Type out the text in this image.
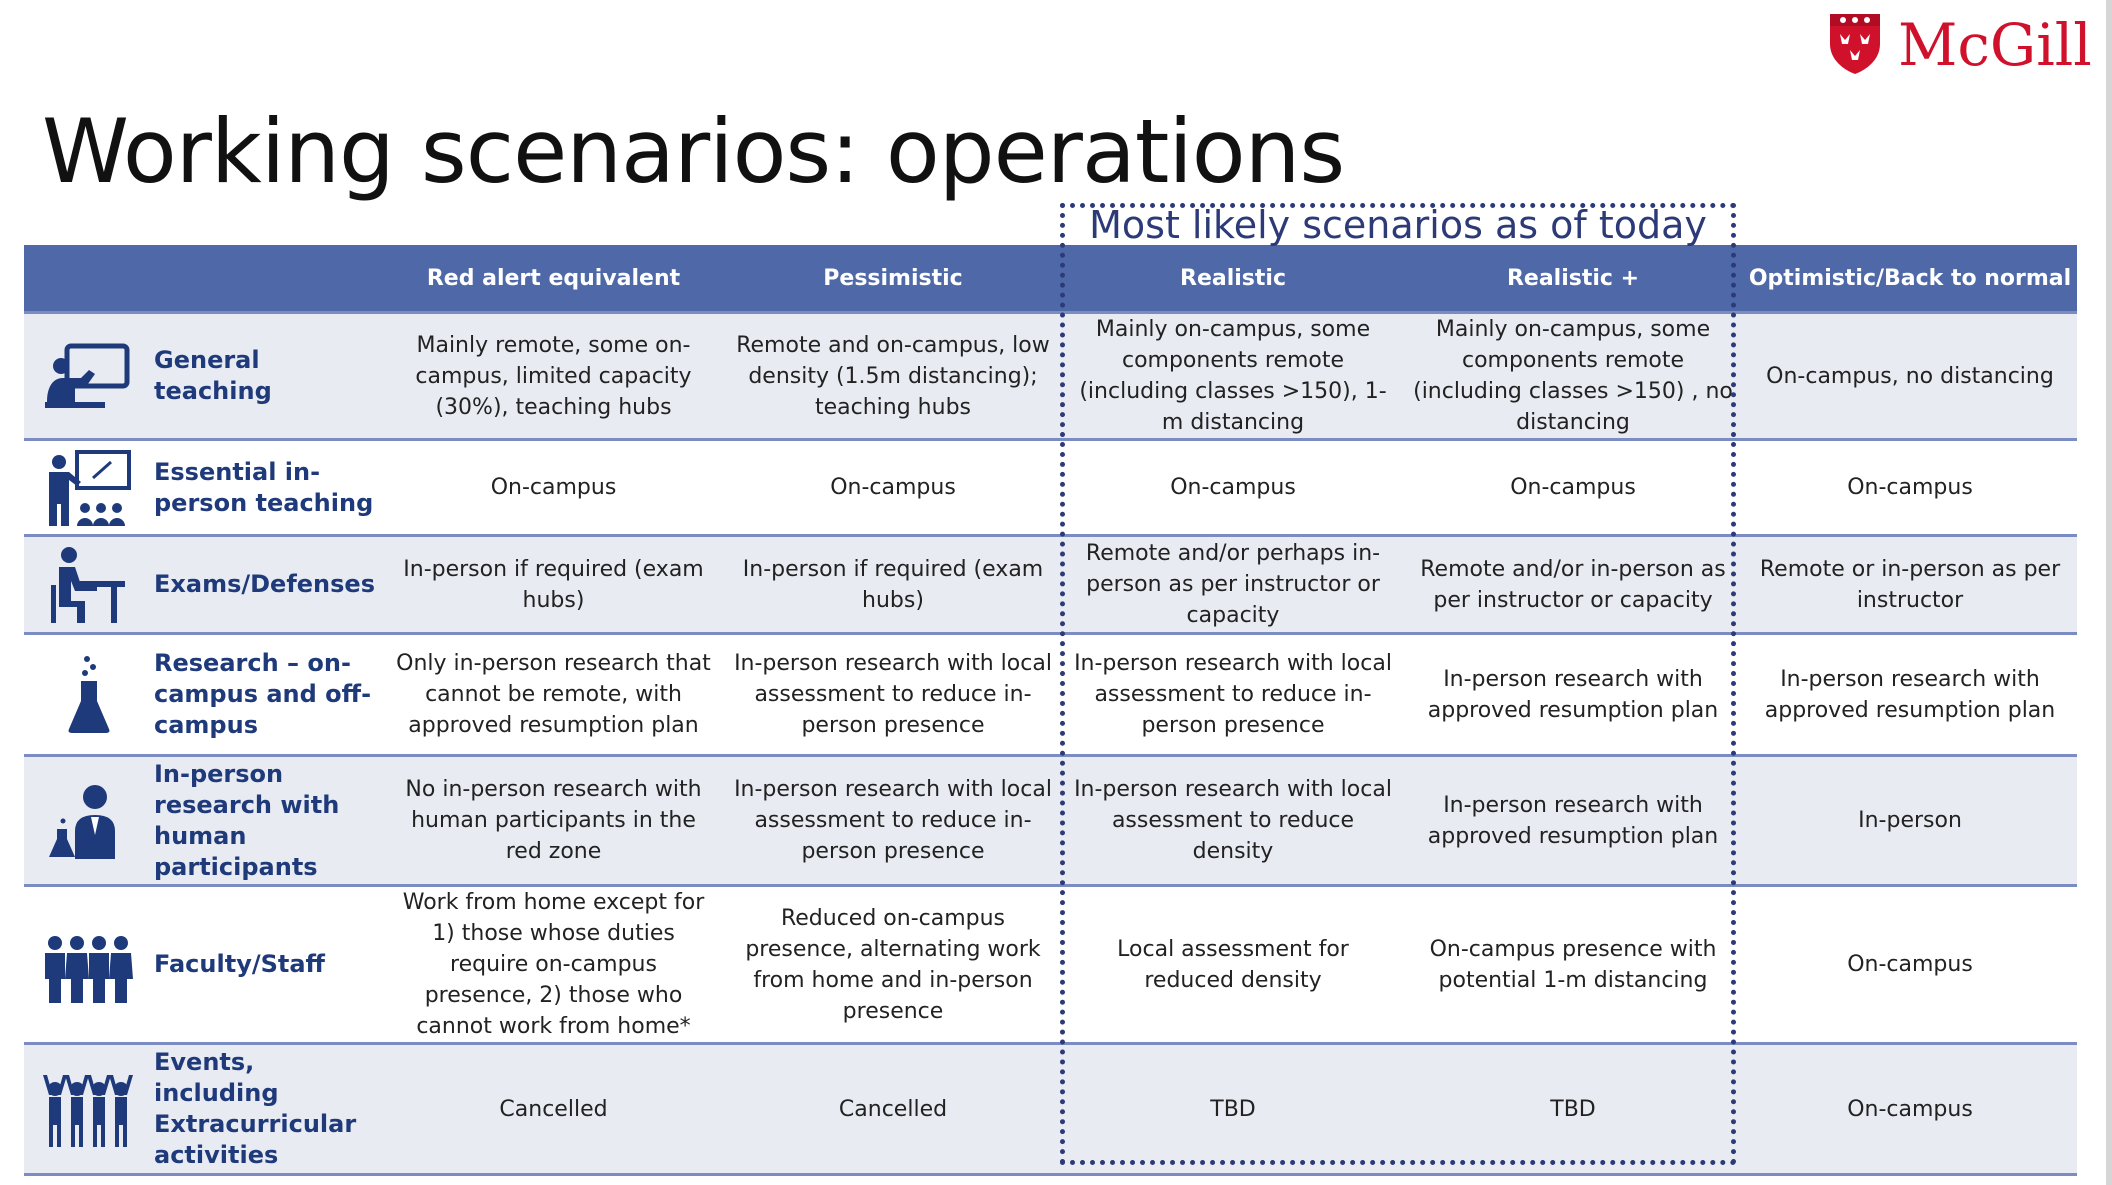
McGill
Working scenarios: operations
Most likely scenarios as of today
		Red alert equivalent	Pessimistic	Realistic	Realistic +	Optimistic/Back to normal
	General teaching	Mainly remote, some on-campus, limited capacity (30%), teaching hubs	Remote and on-campus, low density (1.5m distancing); teaching hubs	Mainly on-campus, some components remote (including classes >150), 1-m distancing	Mainly on-campus, some components remote (including classes >150) , no distancing	On-campus, no distancing
	Essential in-person teaching	On-campus	On-campus	On-campus	On-campus	On-campus
	Exams/Defenses	In-person if required (exam hubs)	In-person if required (exam hubs)	Remote and/or perhaps in-person as per instructor or capacity	Remote and/or in-person as per instructor or capacity	Remote or in-person as per instructor
	Research – on-campus and off-campus	Only in-person research that cannot be remote, with approved resumption plan	In-person research with local assessment to reduce in-person presence	In-person research with local assessment to reduce in-person presence	In-person research with approved resumption plan	In-person research with approved resumption plan
	In-person research with human participants	No in-person research with human participants in the red zone	In-person research with local assessment to reduce in-person presence	In-person research with local assessment to reduce density	In-person research with approved resumption plan	In-person
	Faculty/Staff	Work from home except for 1) those whose duties require on-campus presence, 2) those who cannot work from home*	Reduced on-campus presence, alternating work from home and in-person presence	Local assessment for reduced density	On-campus presence with potential 1-m distancing	On-campus
	Events, including Extracurricular activities	Cancelled	Cancelled	TBD	TBD	On-campus
